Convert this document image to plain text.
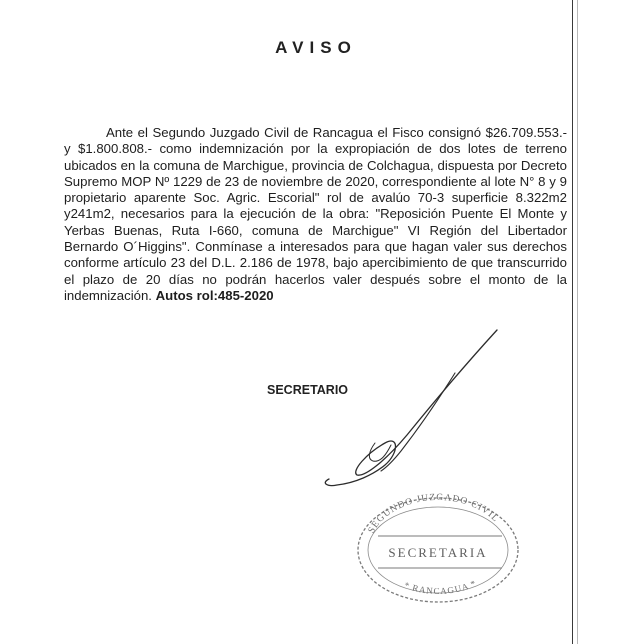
AVISO
Ante el Segundo Juzgado Civil de Rancagua el Fisco consignó $26.709.553.- y $1.800.808.- como indemnización por la expropiación de dos lotes de terreno ubicados en la comuna de Marchigue, provincia de Colchagua, dispuesta por Decreto Supremo MOP Nº 1229 de 23 de noviembre de 2020, correspondiente al lote N° 8 y 9 propietario aparente Soc. Agric. Escorial" rol de avalúo 70-3 superficie 8.322m2 y241m2, necesarios para la ejecución de la obra: "Reposición Puente El Monte y Yerbas Buenas, Ruta I-660, comuna de Marchigue" VI Región del Libertador Bernardo O´Higgins". Conmínase a interesados para que hagan valer sus derechos conforme artículo 23 del D.L. 2.186 de 1978, bajo apercibimiento de que transcurrido el plazo de 20 días no podrán hacerlos valer después sobre el monto de la indemnización. Autos rol:485-2020
SECRETARIO
SEGUNDO JUZGADO CIVIL
SECRETARIA
* RANCAGUA *
